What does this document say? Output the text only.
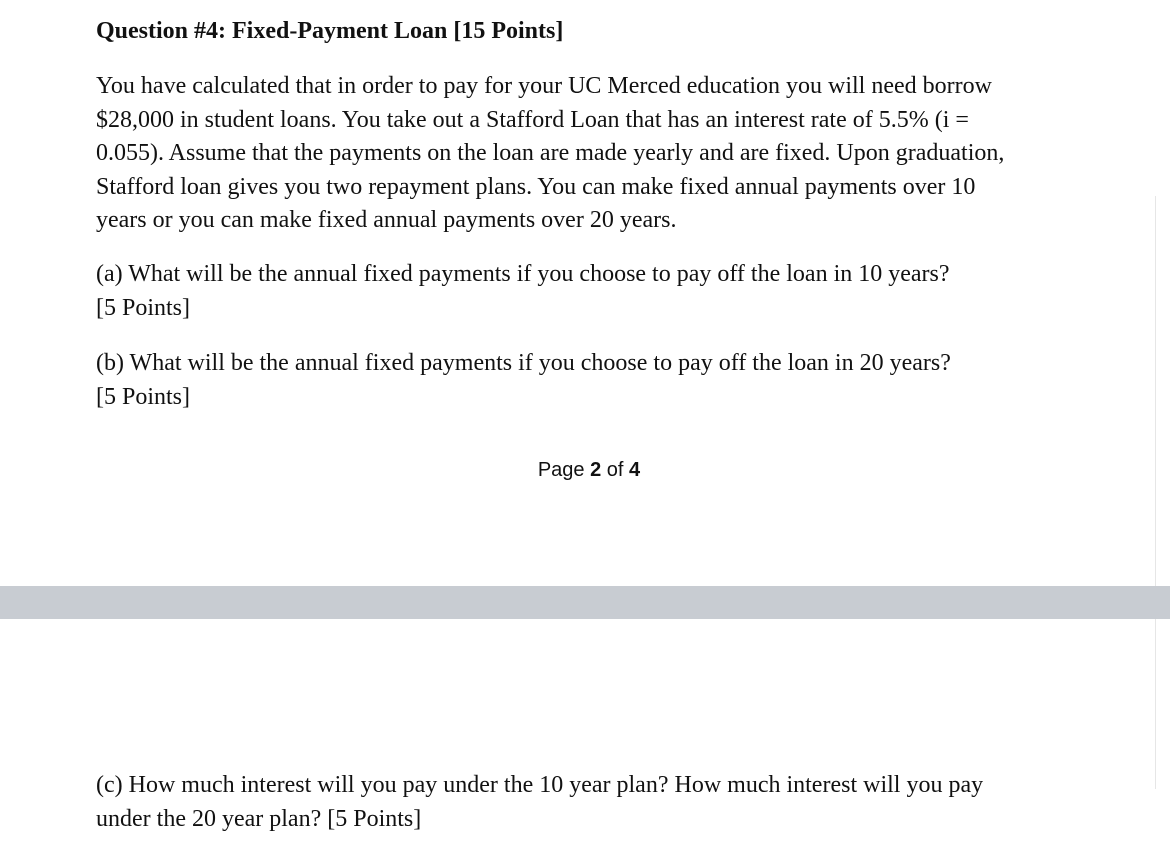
Question #4: Fixed-Payment Loan [15 Points]

You have calculated that in order to pay for your UC Merced education you will need borrow
$28,000 in student loans. You take out a Stafford Loan that has an interest rate of 5.5% (i =
0.055). Assume that the payments on the loan are made yearly and are fixed. Upon graduation,
Stafford loan gives you two repayment plans. You can make fixed annual payments over 10
years or you can make fixed annual payments over 20 years.

(a) What will be the annual fixed payments if you choose to pay off the loan in 10 years?
[5 Points]

(b) What will be the annual fixed payments if you choose to pay off the loan in 20 years?
[5 Points]

Page 2 of 4

(c) How much interest will you pay under the 10 year plan? How much interest will you pay
under the 20 year plan? [5 Points]
